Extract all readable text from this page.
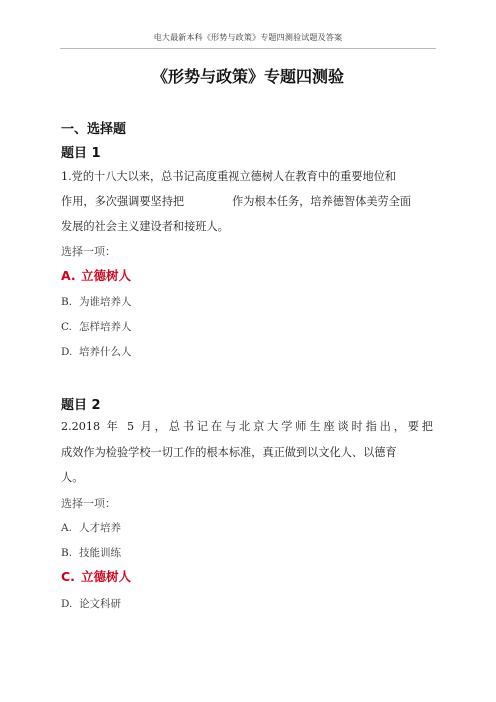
电大最新本科《形势与政策》专题四测验试题及答案
《形势与政策》专题四测验
一、选择题
题目 1
1.党的十八大以来，总书记高度重视立德树人在教育中的重要地位和
作用，多次强调要坚持把	作为根本任务，培养德智体美劳全面
发展的社会主义建设者和接班人。
选择一项：
A. 立德树人
B. 为谁培养人
C. 怎样培养人
D. 培养什么人
题目 2
2.2018 年 5 月，总书记在与北京大学师生座谈时指出，要把
成效作为检验学校一切工作的根本标准，真正做到以文化人、以德育
人。
选择一项：
A. 人才培养
B. 技能训练
C. 立德树人
D. 论文科研
